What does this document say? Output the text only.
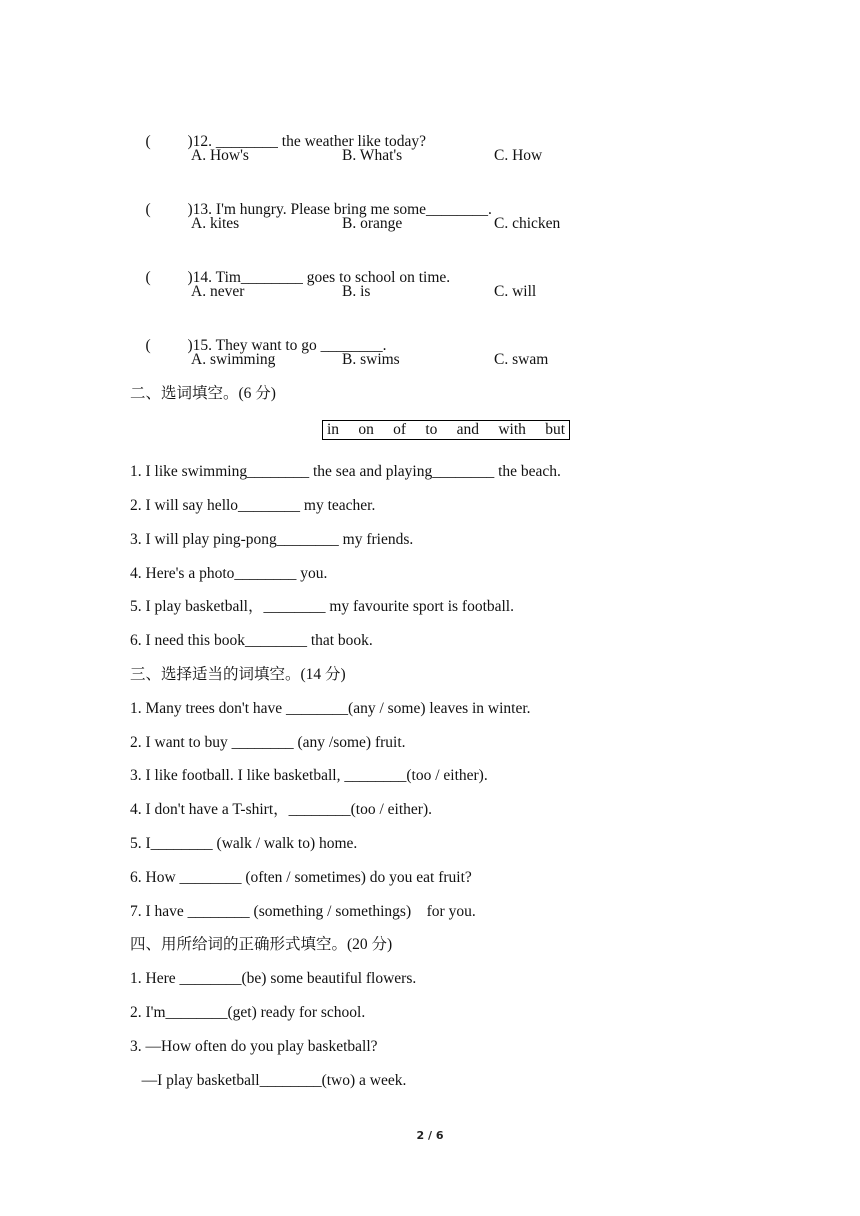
( )12. ________ the weather like today?

A. How's	B. What's	C. How

( )13. I'm hungry. Please bring me some________.

A. kites	B. orange	C. chicken

( )14. Tim________ goes to school on time.

A. never	B. is	C. will

( )15. They want to go ________.

A. swimming	B. swims	C. swam
二、选词填空。(6 分)
in on of to and with but
1. I like swimming________ the sea and playing________ the beach.
2. I will say hello________ my teacher.
3. I will play ping-pong________ my friends.
4. Here's a photo________ you.
5. I play basketball，________ my favourite sport is football.
6. I need this book________ that book.
三、选择适当的词填空。(14 分)
1. Many trees don't have ________(any / some) leaves in winter.
2. I want to buy ________ (any /some) fruit.
3. I like football. I like basketball, ________(too / either).
4. I don't have a T-shirt，________(too / either).
5. I________ (walk / walk to) home.
6. How ________ (often / sometimes) do you eat fruit?
7. I have ________ (something / somethings)    for you.
四、用所给词的正确形式填空。(20 分)
1. Here ________(be) some beautiful flowers.
2. I'm________(get) ready for school.
3. —How often do you play basketball?
—I play basketball________(two) a week.
2 / 6
